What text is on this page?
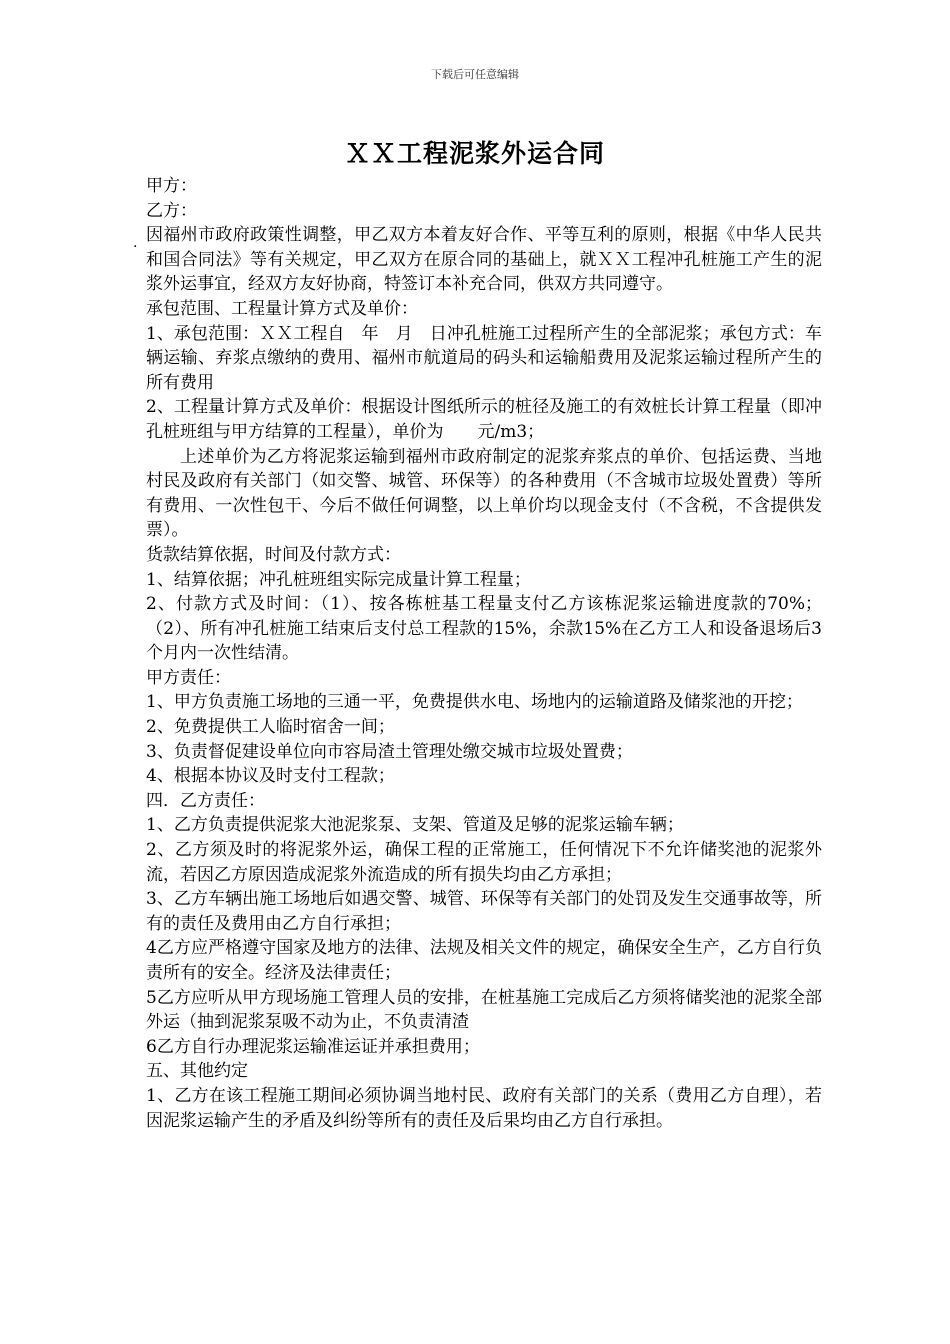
下载后可任意编辑
ＸＸ工程泥浆外运合同
.

甲方：

乙方：

因福州市政府政策性调整，甲乙双方本着友好合作、平等互利的原则，根据《中华人民共和国合同法》等有关规定，甲乙双方在原合同的基础上，就ＸＸ工程冲孔桩施工产生的泥浆外运事宜，经双方友好协商，特签订本补充合同，供双方共同遵守。

承包范围、工程量计算方式及单价：

1、承包范围：ＸＸ工程自　年　月　日冲孔桩施工过程所产生的全部泥浆；承包方式：车辆运输、弃浆点缴纳的费用、福州市航道局的码头和运输船费用及泥浆运输过程所产生的所有费用

2、工程量计算方式及单价：根据设计图纸所示的桩径及施工的有效桩长计算工程量（即冲孔桩班组与甲方结算的工程量），单价为　　元/m3；

上述单价为乙方将泥浆运输到福州市政府制定的泥浆弃浆点的单价、包括运费、当地村民及政府有关部门（如交警、城管、环保等）的各种费用（不含城市垃圾处置费）等所有费用、一次性包干、今后不做任何调整，以上单价均以现金支付（不含税，不含提供发票）。

货款结算依据，时间及付款方式：

1、结算依据；冲孔桩班组实际完成量计算工程量；

2、付款方式及时间：（1）、按各栋桩基工程量支付乙方该栋泥浆运输进度款的70%；（2）、所有冲孔桩施工结束后支付总工程款的15%，余款15%在乙方工人和设备退场后3个月内一次性结清。

甲方责任：

1、甲方负责施工场地的三通一平，免费提供水电、场地内的运输道路及储浆池的开挖；

2、免费提供工人临时宿舍一间；

3、负责督促建设单位向市容局渣土管理处缴交城市垃圾处置费；

4、根据本协议及时支付工程款；

四．乙方责任：

1、乙方负责提供泥浆大池泥浆泵、支架、管道及足够的泥浆运输车辆；

2、乙方须及时的将泥浆外运，确保工程的正常施工，任何情况下不允许储奖池的泥浆外流，若因乙方原因造成泥浆外流造成的所有损失均由乙方承担；

3、乙方车辆出施工场地后如遇交警、城管、环保等有关部门的处罚及发生交通事故等，所有的责任及费用由乙方自行承担；

4乙方应严格遵守国家及地方的法律、法规及相关文件的规定，确保安全生产，乙方自行负责所有的安全。经济及法律责任；

5乙方应听从甲方现场施工管理人员的安排，在桩基施工完成后乙方须将储奖池的泥浆全部外运（抽到泥浆泵吸不动为止，不负责清渣

6乙方自行办理泥浆运输准运证并承担费用；

五、其他约定

1、乙方在该工程施工期间必须协调当地村民、政府有关部门的关系（费用乙方自理），若因泥浆运输产生的矛盾及纠纷等所有的责任及后果均由乙方自行承担。
